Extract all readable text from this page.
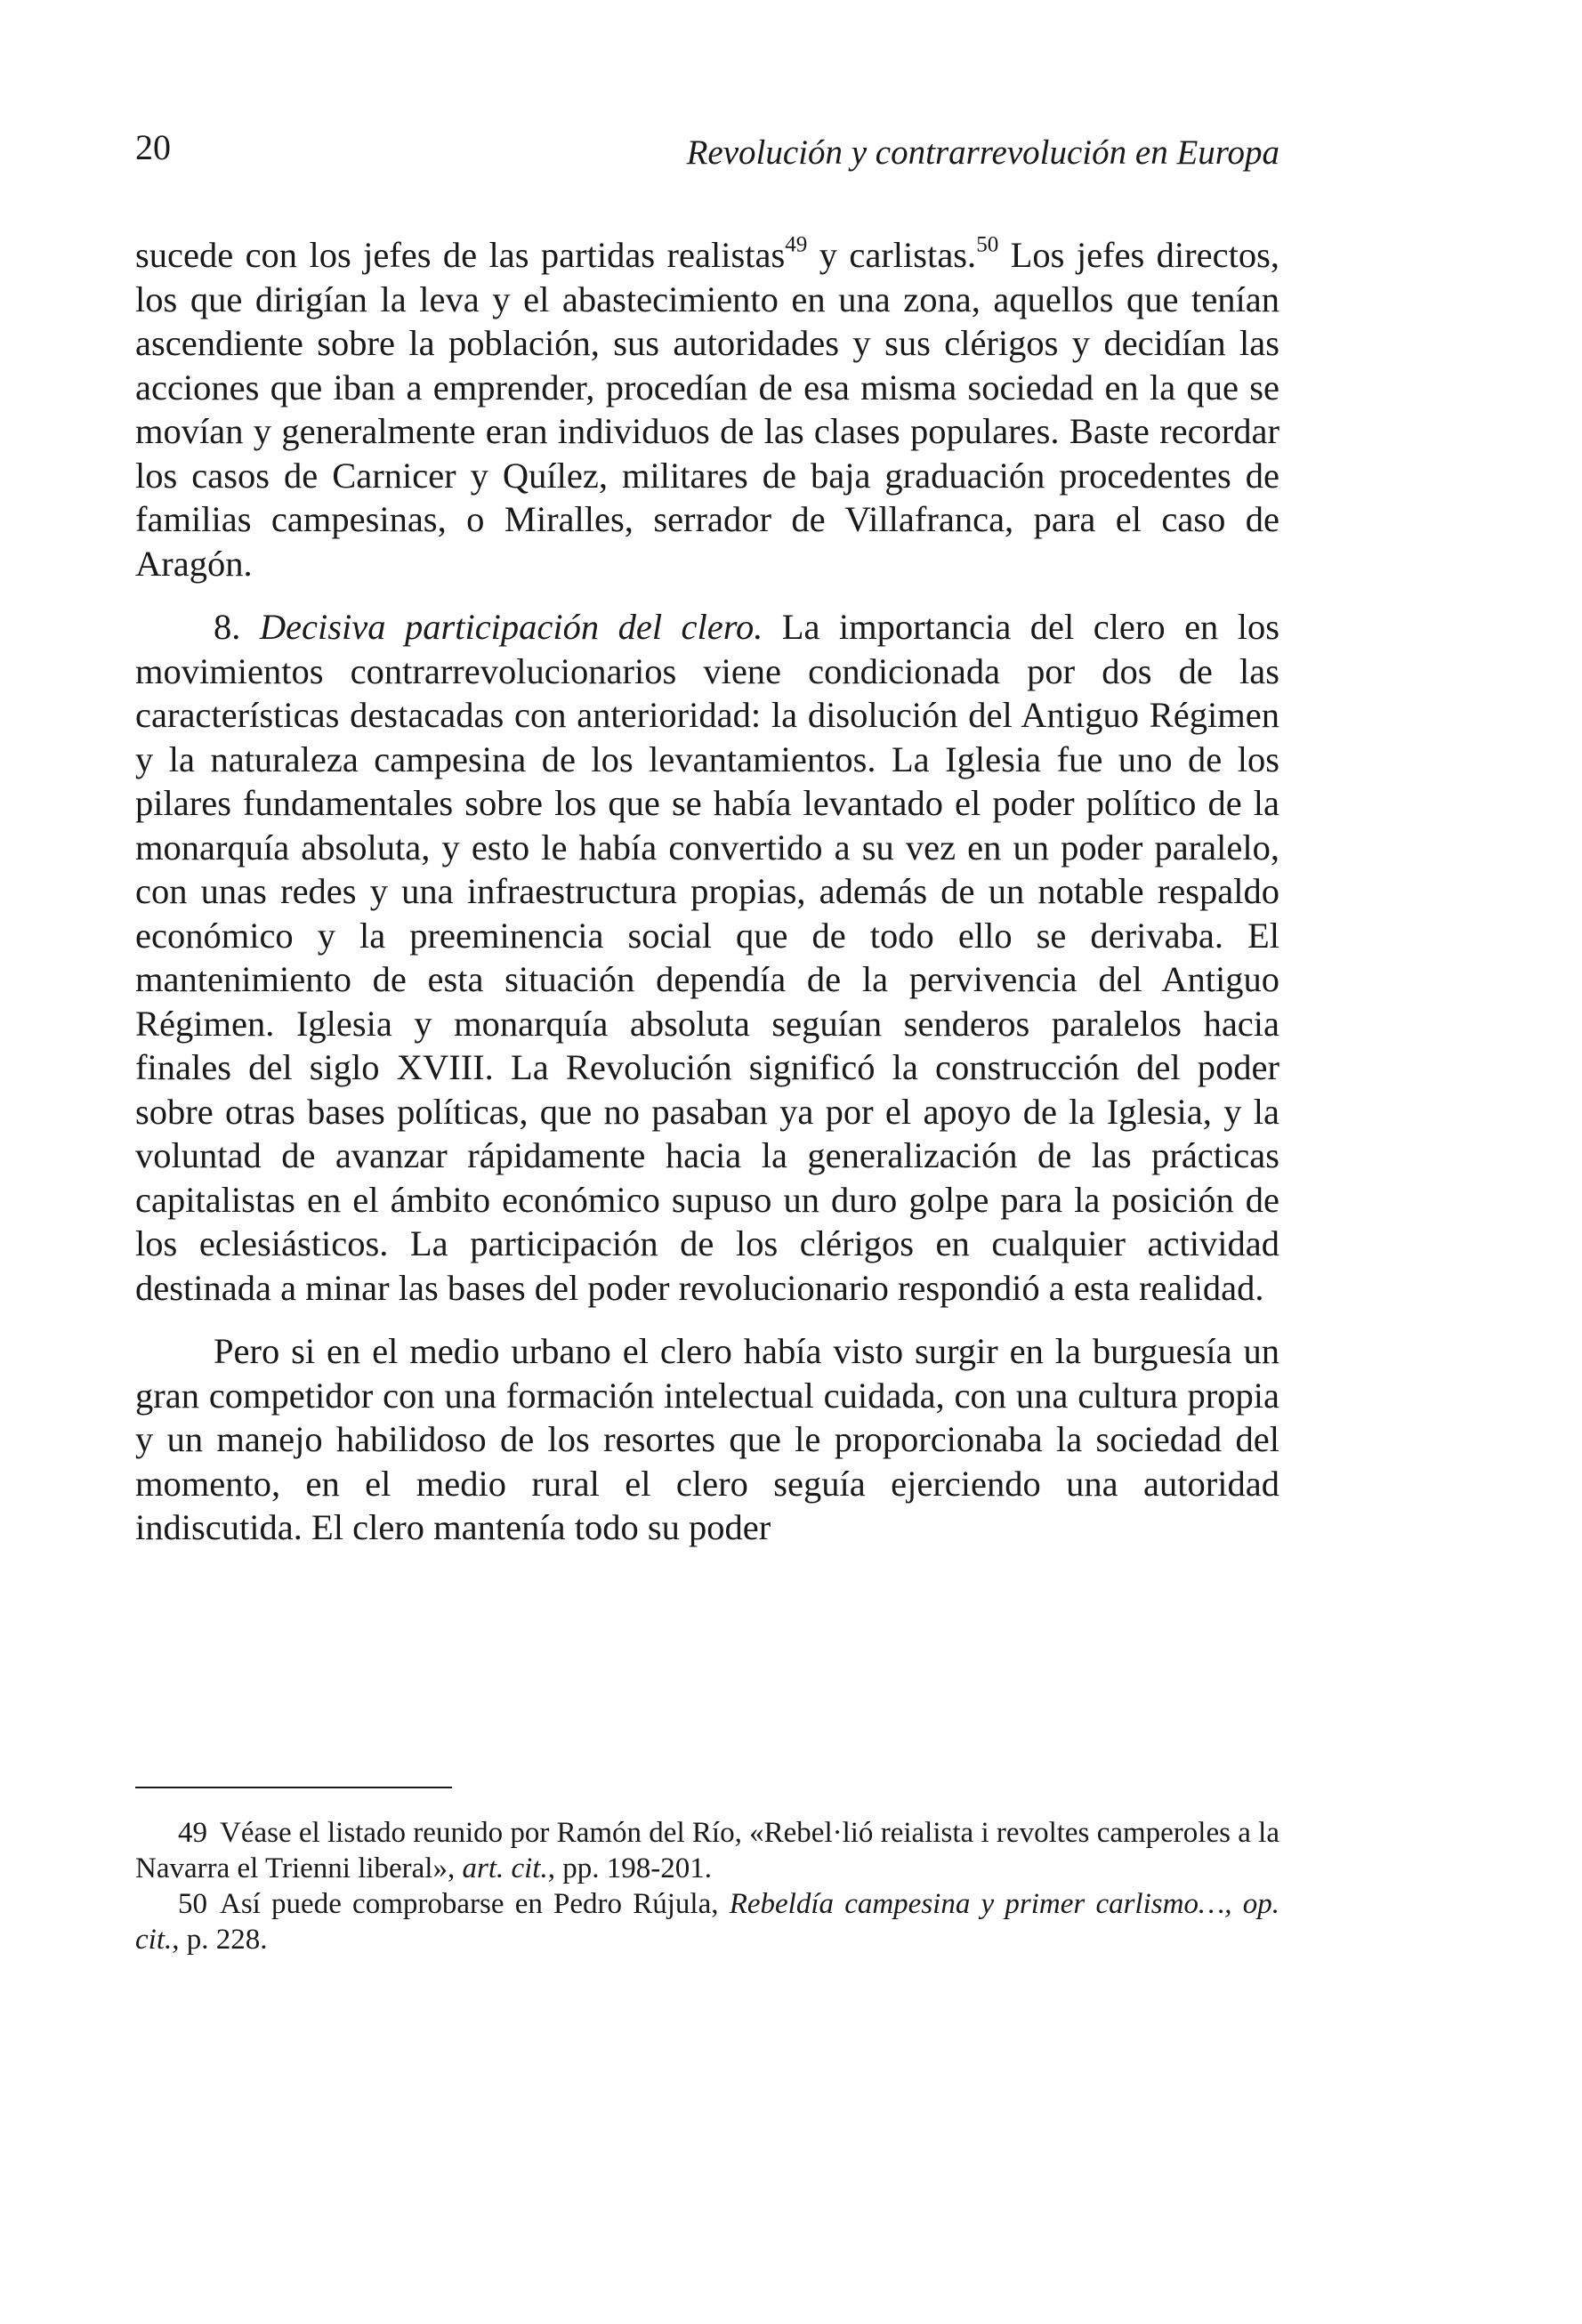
20	Revolución y contrarrevolución en Europa

sucede con los jefes de las partidas realistas$^{49}$ y carlistas.$^{50}$ Los jefes directos, los que dirigían la leva y el abastecimiento en una zona, aquellos que tenían ascendiente sobre la población, sus autoridades y sus clérigos y decidían las acciones que iban a emprender, procedían de esa misma sociedad en la que se movían y generalmente eran individuos de las clases populares. Baste recordar los casos de Carnicer y Quílez, militares de baja graduación procedentes de familias campesinas, o Miralles, serrador de Villafranca, para el caso de Aragón.

8. Decisiva participación del clero. La importancia del clero en los movimientos contrarrevolucionarios viene condicionada por dos de las características destacadas con anterioridad: la disolución del Antiguo Régimen y la naturaleza campesina de los levantamientos. La Iglesia fue uno de los pilares fundamentales sobre los que se había levantado el poder político de la monarquía absoluta, y esto le había convertido a su vez en un poder paralelo, con unas redes y una infraestructura propias, además de un notable respaldo económico y la preeminencia social que de todo ello se derivaba. El mantenimiento de esta situación dependía de la pervivencia del Antiguo Régimen. Iglesia y monarquía absoluta seguían senderos paralelos hacia finales del siglo XVIII. La Revolución significó la construcción del poder sobre otras bases políticas, que no pasaban ya por el apoyo de la Iglesia, y la voluntad de avanzar rápidamente hacia la generalización de las prácticas capitalistas en el ámbito económico supuso un duro golpe para la posición de los eclesiásticos. La participación de los clérigos en cualquier actividad destinada a minar las bases del poder revolucionario respondió a esta realidad.

Pero si en el medio urbano el clero había visto surgir en la burguesía un gran competidor con una formación intelectual cuidada, con una cultura propia y un manejo habilidoso de los resortes que le proporcionaba la sociedad del momento, en el medio rural el clero seguía ejerciendo una autoridad indiscutida. El clero mantenía todo su poder

49 Véase el listado reunido por Ramón del Río, «Rebel·lió reialista i revoltes camperoles a la Navarra el Trienni liberal», art. cit., pp. 198-201.

50 Así puede comprobarse en Pedro Rújula, Rebeldía campesina y primer carlismo…, op. cit., p. 228.
